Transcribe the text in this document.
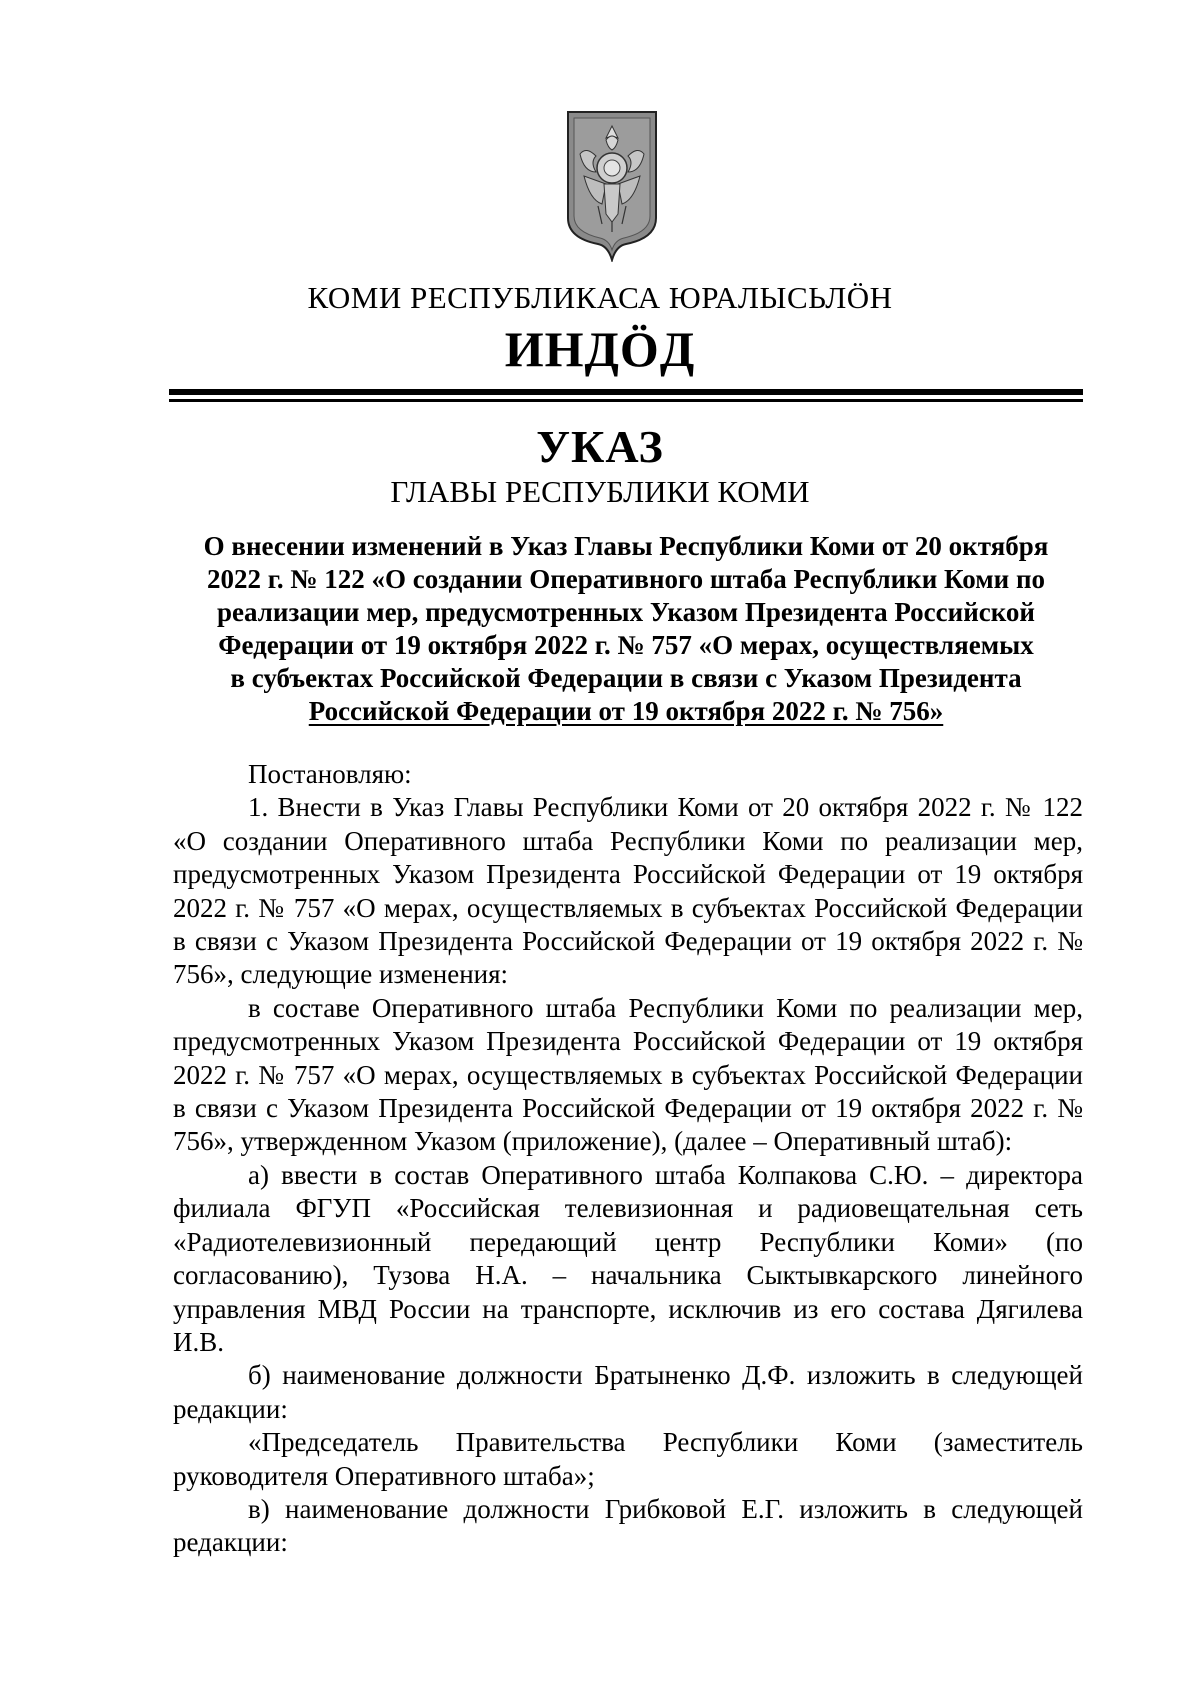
КОМИ РЕСПУБЛИКАСА ЮРАЛЫСЬЛӦН
ИНДӦД
УКАЗ
ГЛАВЫ РЕСПУБЛИКИ КОМИ
О внесении изменений в Указ Главы Республики Коми от 20 октября
2022 г. № 122 «О создании Оперативного штаба Республики Коми по
реализации мер, предусмотренных Указом Президента Российской
Федерации от 19 октября 2022 г. № 757 «О мерах, осуществляемых
в субъектах Российской Федерации в связи с Указом Президента
Российской Федерации от 19 октября 2022 г. № 756»

Постановляю:

1. Внести в Указ Главы Республики Коми от 20 октября 2022 г. № 122 «О создании Оперативного штаба Республики Коми по реализации мер, предусмотренных Указом Президента Российской Федерации от 19 октября 2022 г. № 757 «О мерах, осуществляемых в субъектах Российской Федерации в связи с Указом Президента Российской Федерации от 19 октября 2022 г. № 756», следующие изменения:

в составе Оперативного штаба Республики Коми по реализации мер, предусмотренных Указом Президента Российской Федерации от 19 октября 2022 г. № 757 «О мерах, осуществляемых в субъектах Российской Федерации в связи с Указом Президента Российской Федерации от 19 октября 2022 г. № 756», утвержденном Указом (приложение), (далее – Оперативный штаб):

а) ввести в состав Оперативного штаба Колпакова С.Ю. – директора филиала ФГУП «Российская телевизионная и радиовещательная сеть «Радиотелевизионный передающий центр Республики Коми» (по согласованию), Тузова Н.А. – начальника Сыктывкарского линейного управления МВД России на транспорте, исключив из его состава Дягилева И.В.

б) наименование должности Братыненко Д.Ф. изложить в следующей редакции:

«Председатель Правительства Республики Коми (заместитель руководителя Оперативного штаба»;

в) наименование должности Грибковой Е.Г. изложить в следующей редакции:
